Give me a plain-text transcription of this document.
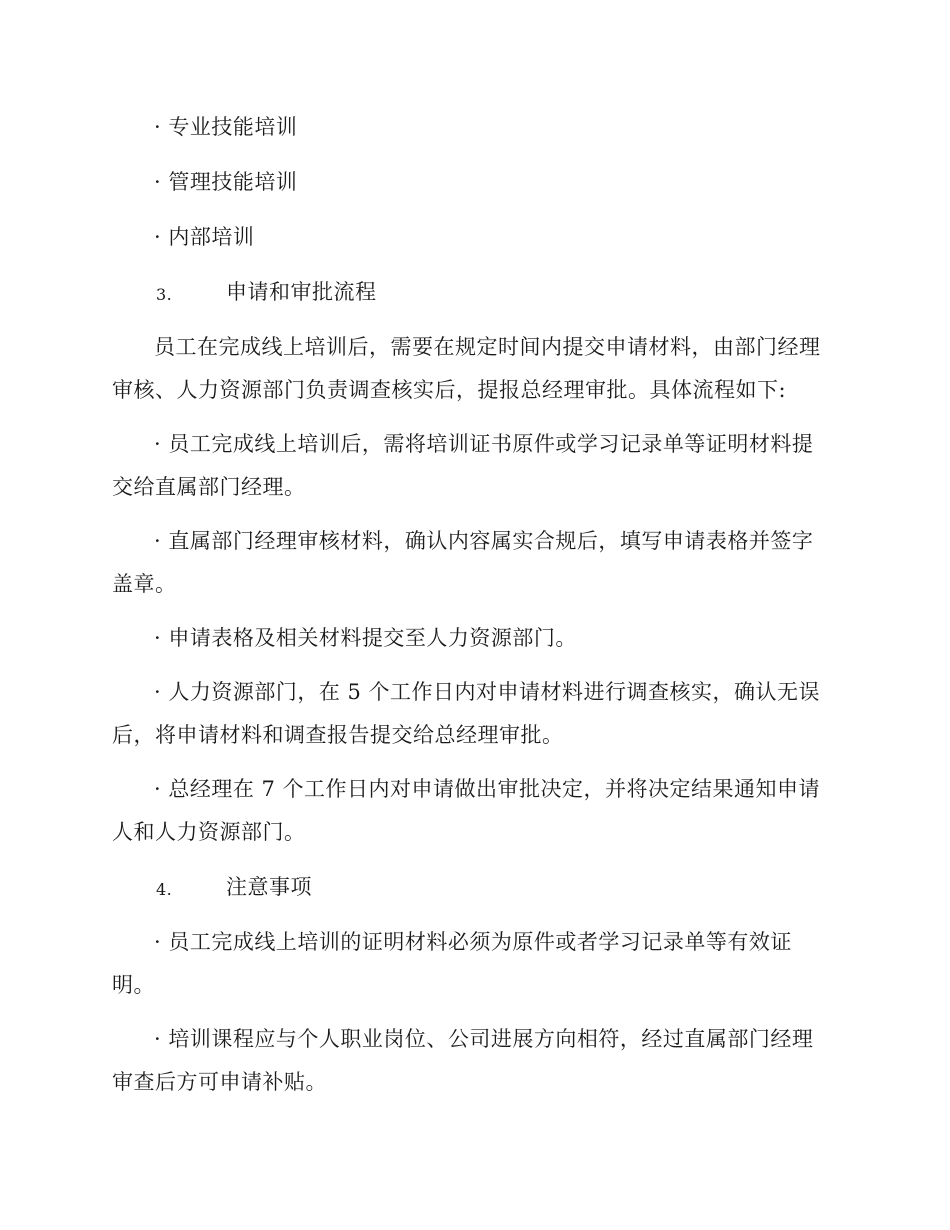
· 专业技能培训
· 管理技能培训
· 内部培训
3.	申请和审批流程
员工在完成线上培训后，需要在规定时间内提交申请材料，由部门经理
审核、人力资源部门负责调查核实后，提报总经理审批。具体流程如下:
· 员工完成线上培训后，需将培训证书原件或学习记录单等证明材料提
交给直属部门经理。
· 直属部门经理审核材料，确认内容属实合规后，填写申请表格并签字
盖章。
· 申请表格及相关材料提交至人力资源部门。
· 人力资源部门，在 5 个工作日内对申请材料进行调查核实，确认无误
后，将申请材料和调查报告提交给总经理审批。
· 总经理在 7 个工作日内对申请做出审批决定，并将决定结果通知申请
人和人力资源部门。
4.	注意事项
· 员工完成线上培训的证明材料必须为原件或者学习记录单等有效证
明。
· 培训课程应与个人职业岗位、公司进展方向相符，经过直属部门经理
审查后方可申请补贴。
